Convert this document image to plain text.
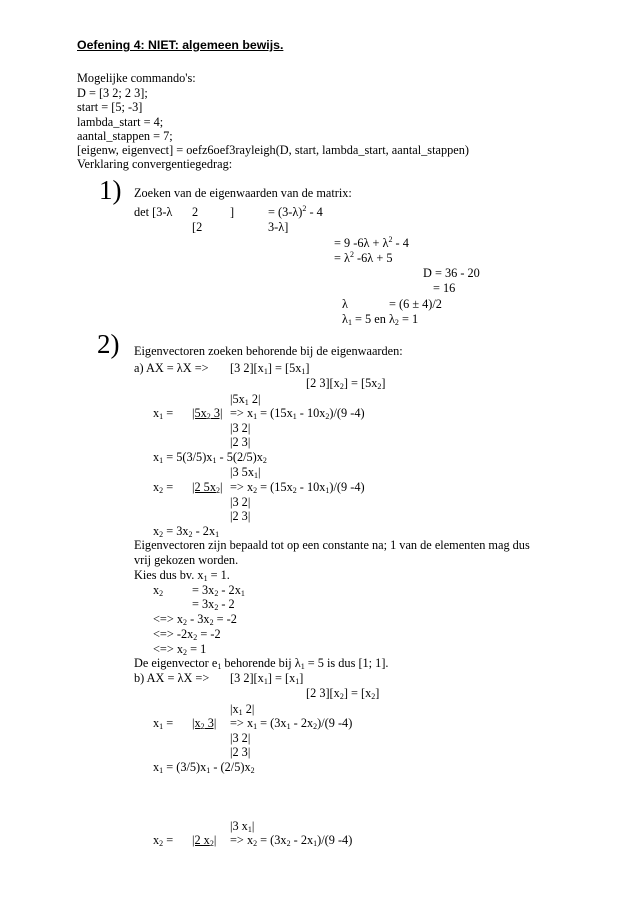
Oefening 4: NIET: algemeen bewijs.
Mogelijke commando's:
D = [3 2; 2 3];
start = [5; -3]
lambda_start = 4;
aantal_stappen = 7;
[eigenw, eigenvect] = oefz6oef3rayleigh(D, start, lambda_start, aantal_stappen)
Verklaring convergentiegedrag:
1) Zoeken van de eigenwaarden van de matrix:
det [3-λ 2	]	= $(3-\lambda)^2 - 4$
[2	3-λ]
= 9 $-6\lambda + \lambda^2 - 4$
= $\lambda^2$ -6λ + 5
D = 36 - 20
= 16
λ	= (6 ± 4)/2
$\lambda_1 = 5$ en $\lambda_2 = 1$
2) Eigenvectoren zoeken behorende bij de eigenwaarden:
a) AX = λX => [3 $2][x_1] = [5x_1]$
[2 $3][x_2] = [5x_2]$
$|5x_1$ 2|
$x_1 = |5x_2$ $3| => x_1 = (15x_1 - 10x_2)/(9$ -4)
|3 2|
|2 3|
$x_1 = 5(3/5)x_1 - 5(2/5)x_2$
|3 $5x_1|$
$x_2 = |2$ $5x_2| => x_2 = (15x_2 - 10x_1)/(9$ -4)
|3 2|
|2 3|
$x_2 = 3x_2 - 2x_1$
Eigenvectoren zijn bepaald tot op een constante na; 1 van de elementen mag dus
vrij gekozen worden.
Kies dus bv. $x_1 = 1$.
$x_2 = 3x_2 - 2x_1$
= $3x_2 - 2$
<=> $x_2 - 3x_2 = -2$
<=> $-2x_2 = -2$
<=> $x_2 = 1$
De eigenvector $e_1$ behorende bij $\lambda_1 = 5$ is dus [1; 1].
b) AX = λX => [3 $2][x_1] = [x_1]$
[2 $3][x_2] = [x_2]$
$|x_1$ 2|
$x_1 = |x_2$ $3| => x_1 = (3x_1 - 2x_2)/(9$ -4)
|3 2|
|2 3|
$x_1 = (3/5)x_1 - (2/5)x_2$
|3 $x_1|$
$x_2 = |2$ $x_2| => x_2 = (3x_2 - 2x_1)/(9$ -4)
